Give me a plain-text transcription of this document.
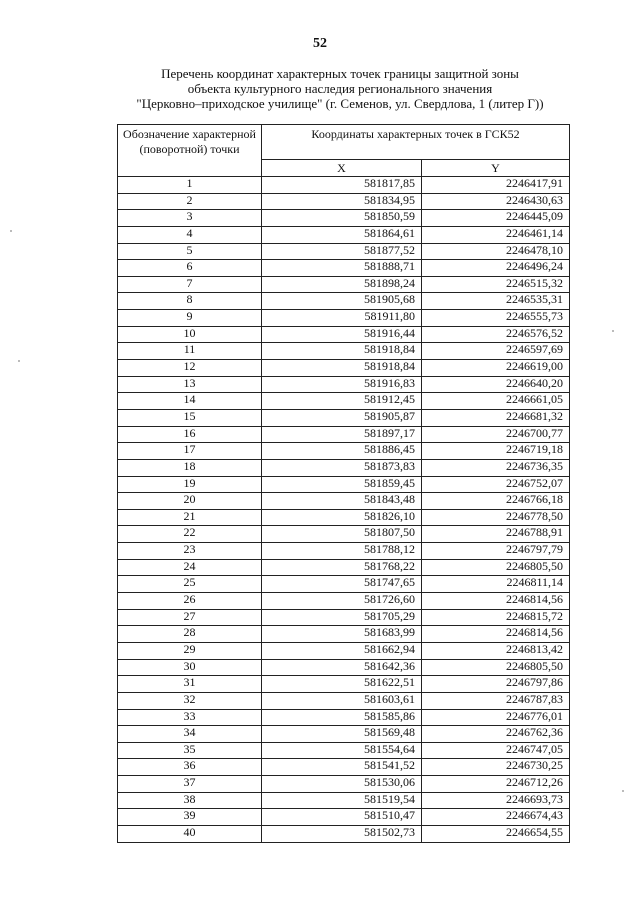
52
Перечень координат характерных точек границы защитной зоны
объекта культурного наследия регионального значения
"Церковно–приходское училище" (г. Семенов, ул. Свердлова, 1 (литер Г))
Обозначение характерной (поворотной) точки	Координаты характерных точек в ГСК52	
	X	Y
1	581817,85	2246417,91
2	581834,95	2246430,63
3	581850,59	2246445,09
4	581864,61	2246461,14
5	581877,52	2246478,10
6	581888,71	2246496,24
7	581898,24	2246515,32
8	581905,68	2246535,31
9	581911,80	2246555,73
10	581916,44	2246576,52
11	581918,84	2246597,69
12	581918,84	2246619,00
13	581916,83	2246640,20
14	581912,45	2246661,05
15	581905,87	2246681,32
16	581897,17	2246700,77
17	581886,45	2246719,18
18	581873,83	2246736,35
19	581859,45	2246752,07
20	581843,48	2246766,18
21	581826,10	2246778,50
22	581807,50	2246788,91
23	581788,12	2246797,79
24	581768,22	2246805,50
25	581747,65	2246811,14
26	581726,60	2246814,56
27	581705,29	2246815,72
28	581683,99	2246814,56
29	581662,94	2246813,42
30	581642,36	2246805,50
31	581622,51	2246797,86
32	581603,61	2246787,83
33	581585,86	2246776,01
34	581569,48	2246762,36
35	581554,64	2246747,05
36	581541,52	2246730,25
37	581530,06	2246712,26
38	581519,54	2246693,73
39	581510,47	2246674,43
40	581502,73	2246654,55
